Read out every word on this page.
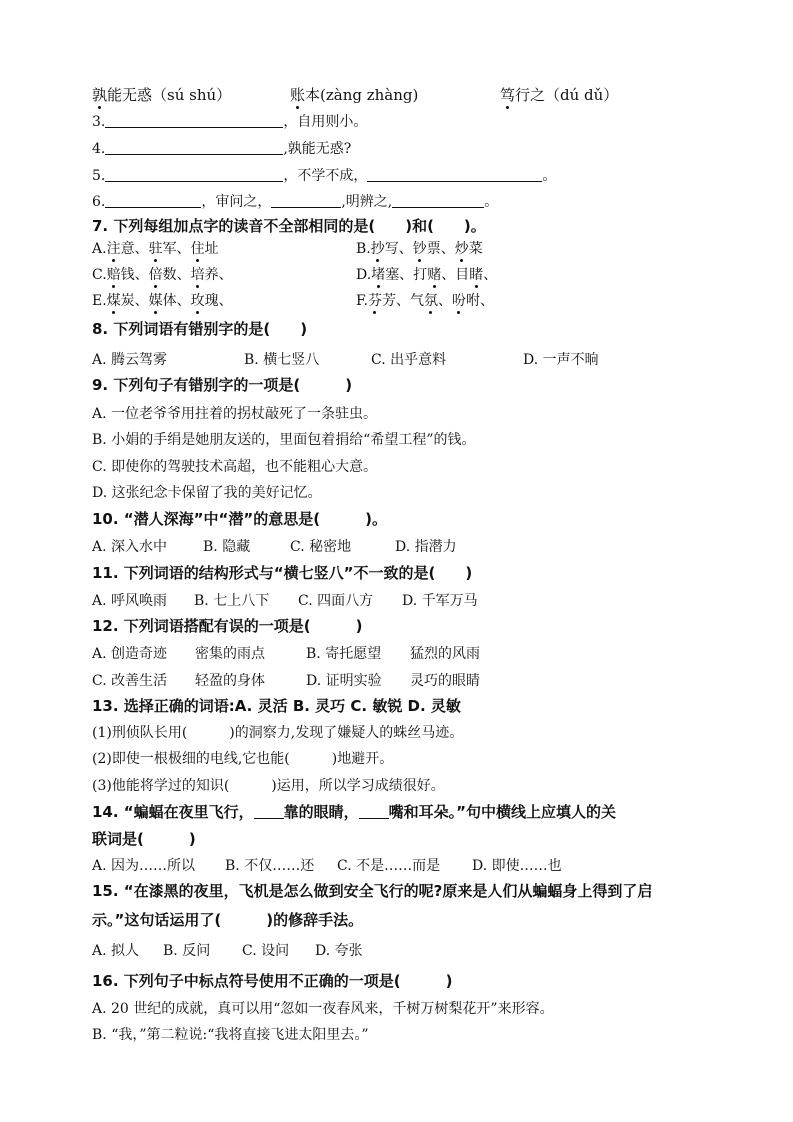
孰能无惑（sú shú）	账本(zàng zhàng)	笃行之（dú dǔ）
3.	，自用则小。
4.	,孰能无惑?
5.	，不学不成，	。
6.	，审问之，	,明辨之,	。
7. 下列每组加点字的读音不全部相同的是(　　)和(　　)。
A.注意、驻军、住址	B.抄写、钞票、炒菜
C.赔钱、倍数、培养、	D.堵塞、打赌、目睹、
E.煤炭、媒体、玫瑰、	F.芬芳、气氛、吩咐、
8. 下列词语有错别字的是(　　)
A. 腾云驾雾	B. 横七竖八	C. 出乎意料	D. 一声不晌
9. 下列句子有错别字的一项是(　　　)
A. 一位老爷爷用拄着的拐杖敲死了一条驻虫。
B. 小娟的手绢是她朋友送的，里面包着捐给“希望工程”的钱。
C. 即使你的驾驶技术高超，也不能粗心大意。
D. 这张纪念卡保留了我的美好记忆。
10. “潜人深海”中“潜”的意思是(　　　)。
A. 深入水中	B. 隐藏	C. 秘密地	D. 指潜力
11. 下列词语的结构形式与“横七竖八”不一致的是(　　)
A. 呼风唤雨 B. 七上八下 C. 四面八方 D. 千军万马
12. 下列词语搭配有误的一项是(　　　)
A. 创造奇迹 密集的雨点	B. 寄托愿望 猛烈的风雨
C. 改善生活 轻盈的身体	D. 证明实验 灵巧的眼睛
13. 选择正确的词语:A. 灵活 B. 灵巧 C. 敏锐 D. 灵敏
(1)刑侦队长用(　　　)的洞察力,发现了嫌疑人的蛛丝马迹。
(2)即使一根极细的电线,它也能(　　　)地避开。
(3)他能将学过的知识(　　　)运用，所以学习成绩很好。
14. “蝙蝠在夜里飞行， 靠的眼睛， 嘴和耳朵。”句中横线上应填人的关
联词是(　　　)
A. 因为……所以 B. 不仅……还 C. 不是……而是 D. 即使……也
15. “在漆黑的夜里，飞机是怎么做到安全飞行的呢?原来是人们从蝙蝠身上得到了启
示。”这句话运用了(　　　)的修辞手法。
A. 拟人 B. 反问 C. 设问 D. 夸张
16. 下列句子中标点符号使用不正确的一项是(　　　)
A. 20 世纪的成就，真可以用“忽如一夜春风来，千树万树梨花开”来形容。
B. “我，”第二粒说:“我将直接飞进太阳里去。”
